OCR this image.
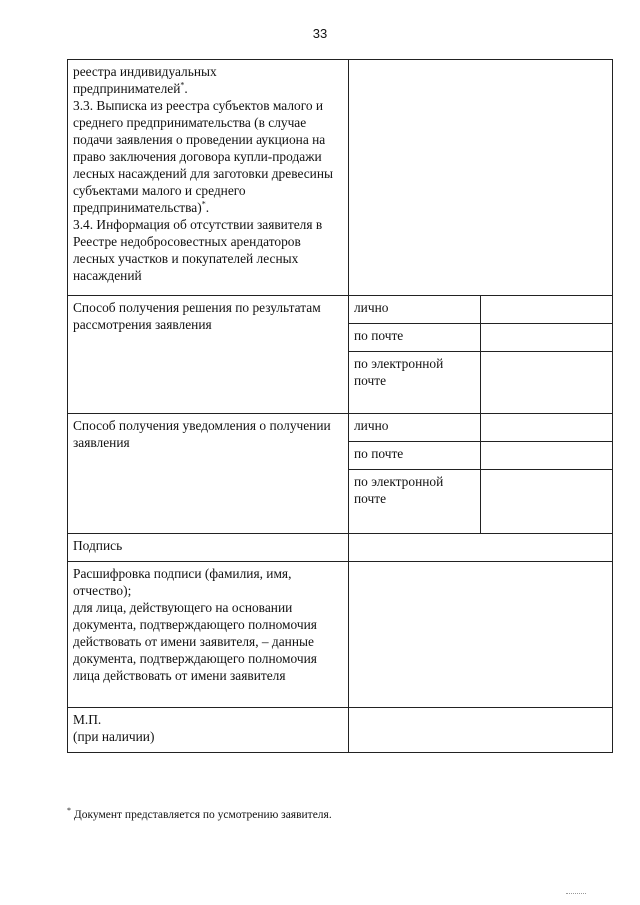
33
реестра индивидуальных
предпринимателей*.
3.3. Выписка из реестра субъектов малого и среднего предпринимательства (в случае подачи заявления о проведении аукциона на право заключения договора купли-продажи лесных насаждений для заготовки древесины субъектами малого и среднего предпринимательства)*.
3.4. Информация об отсутствии заявителя в Реестре недобросовестных арендаторов лесных участков и покупателей лесных насаждений		
Способ получения решения по результатам рассмотрения заявления	лично	
	по почте	
	по электронной почте	
Способ получения уведомления о получении заявления	лично	
	по почте	
	по электронной почте	
Подпись		
Расшифровка подписи (фамилия, имя, отчество);
для лица, действующего на основании документа, подтверждающего полномочия действовать от имени заявителя, – данные документа, подтверждающего полномочия лица действовать от имени заявителя		
М.П.
(при наличии)		
* Документ представляется по усмотрению заявителя.
